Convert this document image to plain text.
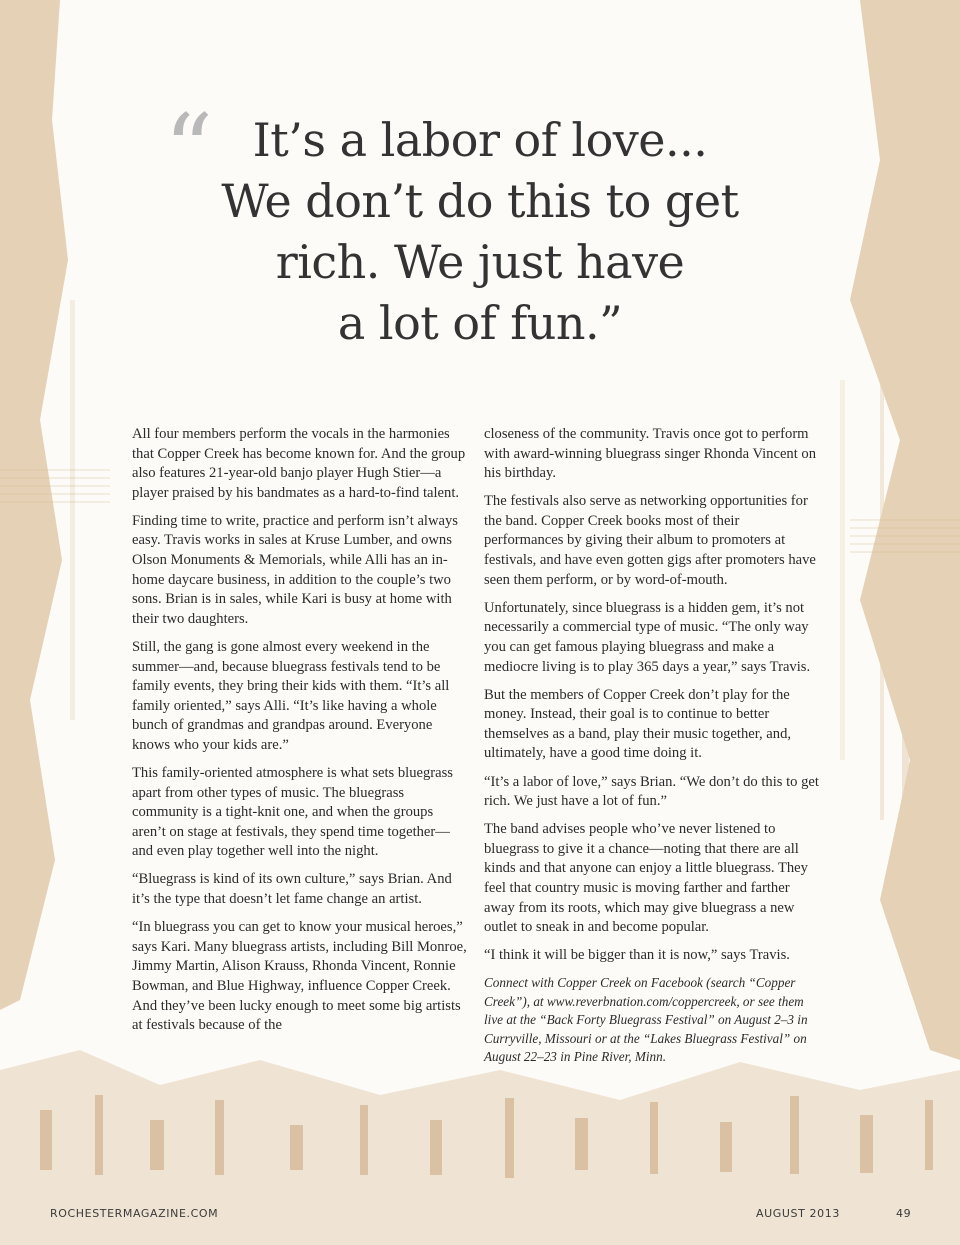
“ It’s a labor of love...
We don’t do this to get
rich. We just have
a lot of fun.”

All four members perform the vocals in the harmonies that Copper Creek has become known for. And the group also features 21-year-old banjo player Hugh Stier—a player praised by his bandmates as a hard-to-find talent.

Finding time to write, practice and perform isn’t always easy. Travis works in sales at Kruse Lumber, and owns Olson Monuments & Memorials, while Alli has an in-home daycare business, in addition to the couple’s two sons. Brian is in sales, while Kari is busy at home with their two daughters.

Still, the gang is gone almost every weekend in the summer—and, because bluegrass festivals tend to be family events, they bring their kids with them. “It’s all family oriented,” says Alli. “It’s like having a whole bunch of grandmas and grandpas around. Everyone knows who your kids are.”

This family-oriented atmosphere is what sets bluegrass apart from other types of music. The bluegrass community is a tight-knit one, and when the groups aren’t on stage at festivals, they spend time together—and even play together well into the night.

“Bluegrass is kind of its own culture,” says Brian. And it’s the type that doesn’t let fame change an artist.

“In bluegrass you can get to know your musical heroes,” says Kari. Many bluegrass artists, including Bill Monroe, Jimmy Martin, Alison Krauss, Rhonda Vincent, Ronnie Bowman, and Blue Highway, influence Copper Creek. And they’ve been lucky enough to meet some big artists at festivals because of the

closeness of the community. Travis once got to perform with award-winning bluegrass singer Rhonda Vincent on his birthday.

The festivals also serve as networking opportunities for the band. Copper Creek books most of their performances by giving their album to promoters at festivals, and have even gotten gigs after promoters have seen them perform, or by word-of-mouth.

Unfortunately, since bluegrass is a hidden gem, it’s not necessarily a commercial type of music. “The only way you can get famous playing bluegrass and make a mediocre living is to play 365 days a year,” says Travis.

But the members of Copper Creek don’t play for the money. Instead, their goal is to continue to better themselves as a band, play their music together, and, ultimately, have a good time doing it.

“It’s a labor of love,” says Brian. “We don’t do this to get rich. We just have a lot of fun.”

The band advises people who’ve never listened to bluegrass to give it a chance—noting that there are all kinds and that anyone can enjoy a little bluegrass. They feel that country music is moving farther and farther away from its roots, which may give bluegrass a new outlet to sneak in and become popular.

“I think it will be bigger than it is now,” says Travis.

Connect with Copper Creek on Facebook (search “Copper Creek”), at www.reverbnation.com/coppercreek, or see them live at the “Back Forty Bluegrass Festival” on August 2–3 in Curryville, Missouri or at the “Lakes Bluegrass Festival” on August 22–23 in Pine River, Minn.

ROCHESTERMAGAZINE.COM	AUGUST 2013	49
